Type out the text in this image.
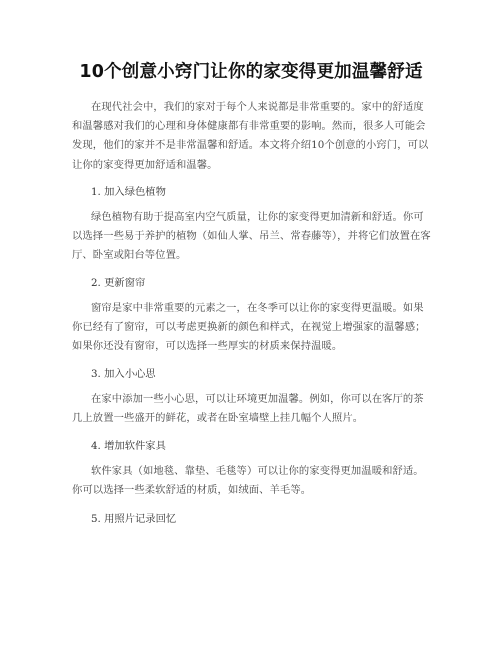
10个创意小窍门让你的家变得更加温馨舒适
在现代社会中，我们的家对于每个人来说都是非常重要的。家中的舒适度和温馨感对我们的心理和身体健康都有非常重要的影响。然而，很多人可能会发现，他们的家并不是非常温馨和舒适。本文将介绍10个创意的小窍门，可以让你的家变得更加舒适和温馨。
1. 加入绿色植物
绿色植物有助于提高室内空气质量，让你的家变得更加清新和舒适。你可以选择一些易于养护的植物（如仙人掌、吊兰、常春藤等），并将它们放置在客厅、卧室或阳台等位置。
2. 更新窗帘
窗帘是家中非常重要的元素之一，在冬季可以让你的家变得更温暖。如果你已经有了窗帘，可以考虑更换新的颜色和样式，在视觉上增强家的温馨感；如果你还没有窗帘，可以选择一些厚实的材质来保持温暖。
3. 加入小心思
在家中添加一些小心思，可以让环境更加温馨。例如，你可以在客厅的茶几上放置一些盛开的鲜花，或者在卧室墙壁上挂几幅个人照片。
4. 增加软件家具
软件家具（如地毯、靠垫、毛毯等）可以让你的家变得更加温暖和舒适。你可以选择一些柔软舒适的材质，如绒面、羊毛等。
5. 用照片记录回忆
